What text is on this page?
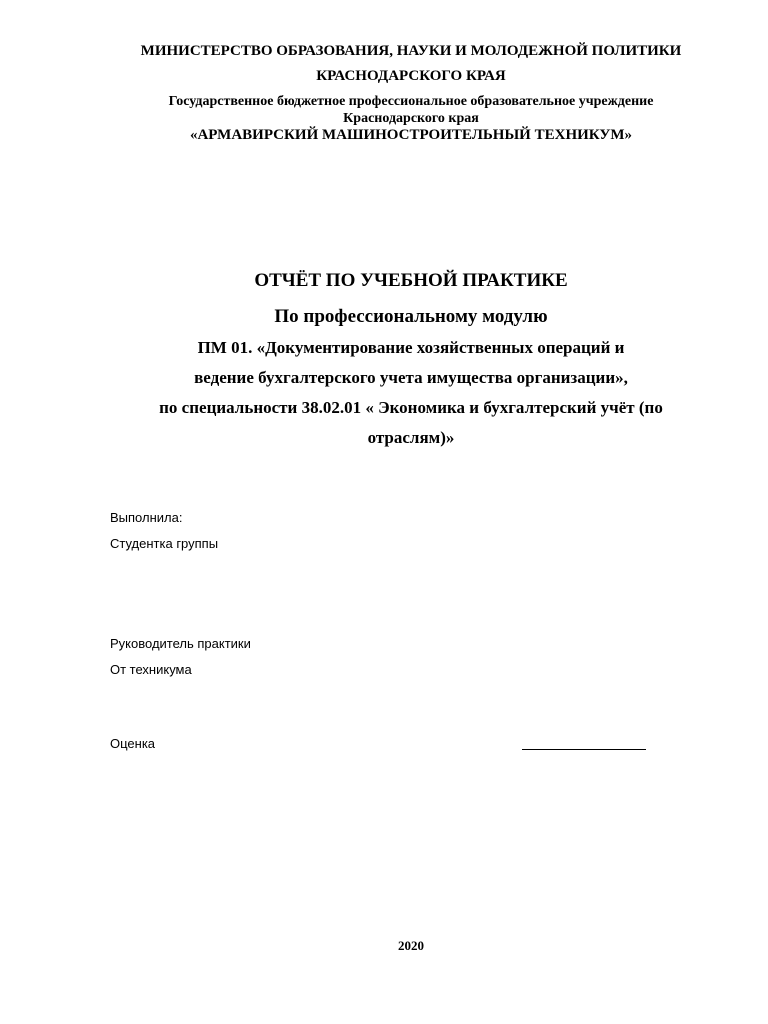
МИНИСТЕРСТВО ОБРАЗОВАНИЯ, НАУКИ И МОЛОДЕЖНОЙ ПОЛИТИКИ
КРАСНОДАРСКОГО КРАЯ
Государственное бюджетное профессиональное образовательное учреждение
Краснодарского края
«АРМАВИРСКИЙ МАШИНОСТРОИТЕЛЬНЫЙ ТЕХНИКУМ»
ОТЧЁТ ПО УЧЕБНОЙ ПРАКТИКЕ
По профессиональному модулю
ПМ 01. «Документирование хозяйственных операций и
ведение бухгалтерского учета имущества организации»,
по специальности 38.02.01 « Экономика и бухгалтерский учёт (по
отраслям)»
Выполнила:
Студентка группы
Руководитель практики
От техникума
Оценка
2020
